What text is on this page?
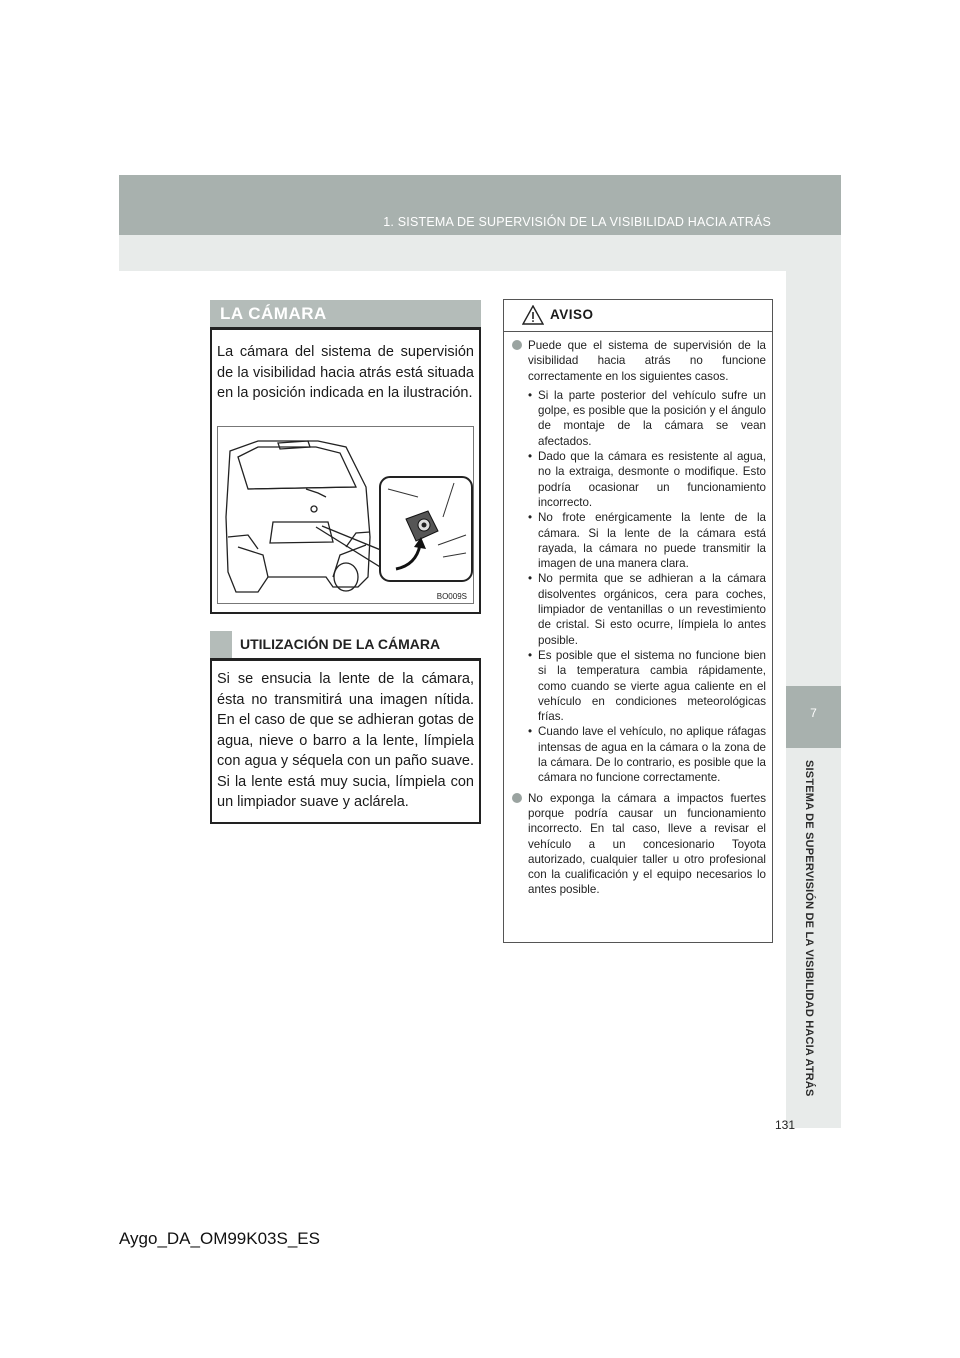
1. SISTEMA DE SUPERVISIÓN DE LA VISIBILIDAD HACIA ATRÁS
7
SISTEMA DE SUPERVISIÓN DE LA VISIBILIDAD HACIA ATRÁS
LA CÁMARA
La cámara del sistema de supervisión de la visibilidad hacia atrás está situada en la posición indicada en la ilustración.
BO009S
UTILIZACIÓN DE LA CÁMARA
Si se ensucia la lente de la cámara, ésta no transmitirá una imagen nítida. En el caso de que se adhieran gotas de agua, nieve o barro a la lente, límpiela con agua y séquela con un paño suave. Si la lente está muy sucia, límpiela con un limpiador suave y aclárela.
AVISO
Puede que el sistema de supervisión de la visibilidad hacia atrás no funcione correctamente en los siguientes casos.
• Si la parte posterior del vehículo sufre un golpe, es posible que la posición y el ángulo de montaje de la cámara se vean afectados.
• Dado que la cámara es resistente al agua, no la extraiga, desmonte o modifique. Esto podría ocasionar un funcionamiento incorrecto.
• No frote enérgicamente la lente de la cámara. Si la lente de la cámara está rayada, la cámara no puede transmitir la imagen de una manera clara.
• No permita que se adhieran a la cámara disolventes orgánicos, cera para coches, limpiador de ventanillas o un revestimiento de cristal. Si esto ocurre, límpiela lo antes posible.
• Es posible que el sistema no funcione bien si la temperatura cambia rápidamente, como cuando se vierte agua caliente en el vehículo en condiciones meteorológicas frías.
• Cuando lave el vehículo, no aplique ráfagas intensas de agua en la cámara o la zona de la cámara. De lo contrario, es posible que la cámara no funcione correctamente.
No exponga la cámara a impactos fuertes porque podría causar un funcionamiento incorrecto. En tal caso, lleve a revisar el vehículo a un concesionario Toyota autorizado, cualquier taller u otro profesional con la cualificación y el equipo necesarios lo antes posible.
131
Aygo_DA_OM99K03S_ES
